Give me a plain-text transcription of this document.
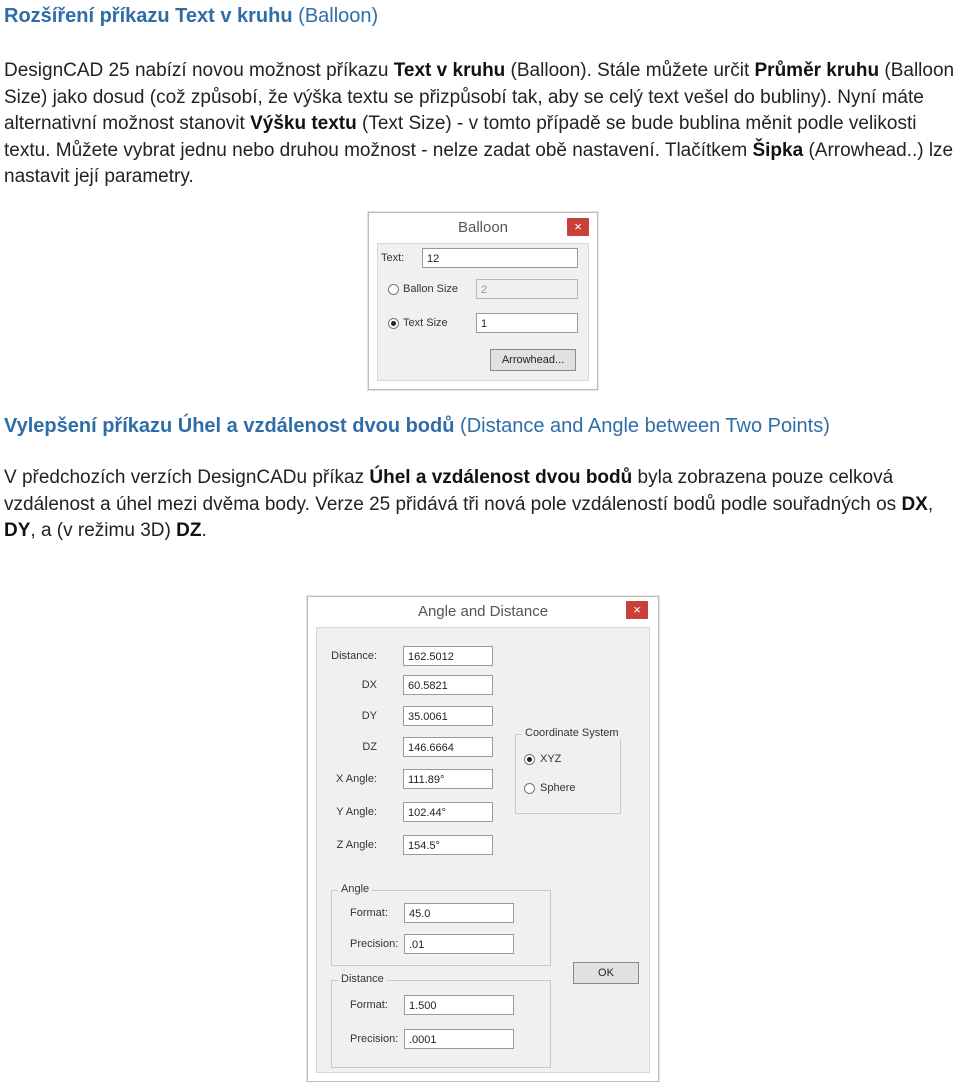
Rozšíření příkazu Text v kruhu (Balloon)
DesignCAD 25 nabízí novou možnost příkazu Text v kruhu (Balloon). Stále můžete určit Průměr kruhu (Balloon Size) jako dosud (což způsobí, že výška textu se přizpůsobí tak, aby se celý text vešel do bubliny). Nyní máte alternativní možnost stanovit Výšku textu (Text Size) - v tomto případě se bude bublina měnit podle velikosti textu. Můžete vybrat jednu nebo druhou možnost - nelze zadat obě nastavení. Tlačítkem Šipka (Arrowhead..) lze nastavit její parametry.
Balloon	×
Text:	12
Ballon Size	2
Text Size	1
Arrowhead...
Vylepšení příkazu Úhel a vzdálenost dvou bodů (Distance and Angle between Two Points)
V předchozích verzích DesignCADu příkaz Úhel a vzdálenost dvou bodů byla zobrazena pouze celková vzdálenost a úhel mezi dvěma body. Verze 25 přidává tři nová pole vzdáleností bodů podle souřadných os DX, DY, a (v režimu 3D) DZ.
Angle and Distance	×
Distance:	162.5012
DX	60.5821
DY	35.0061
DZ	146.6664
X Angle:	111.89°
Y Angle:	102.44°
Z Angle:	154.5°
Coordinate System
XYZ
Sphere
Angle
Format:	45.0
Precision: .01
OK
Distance
Format:	1.500
Precision: .0001
